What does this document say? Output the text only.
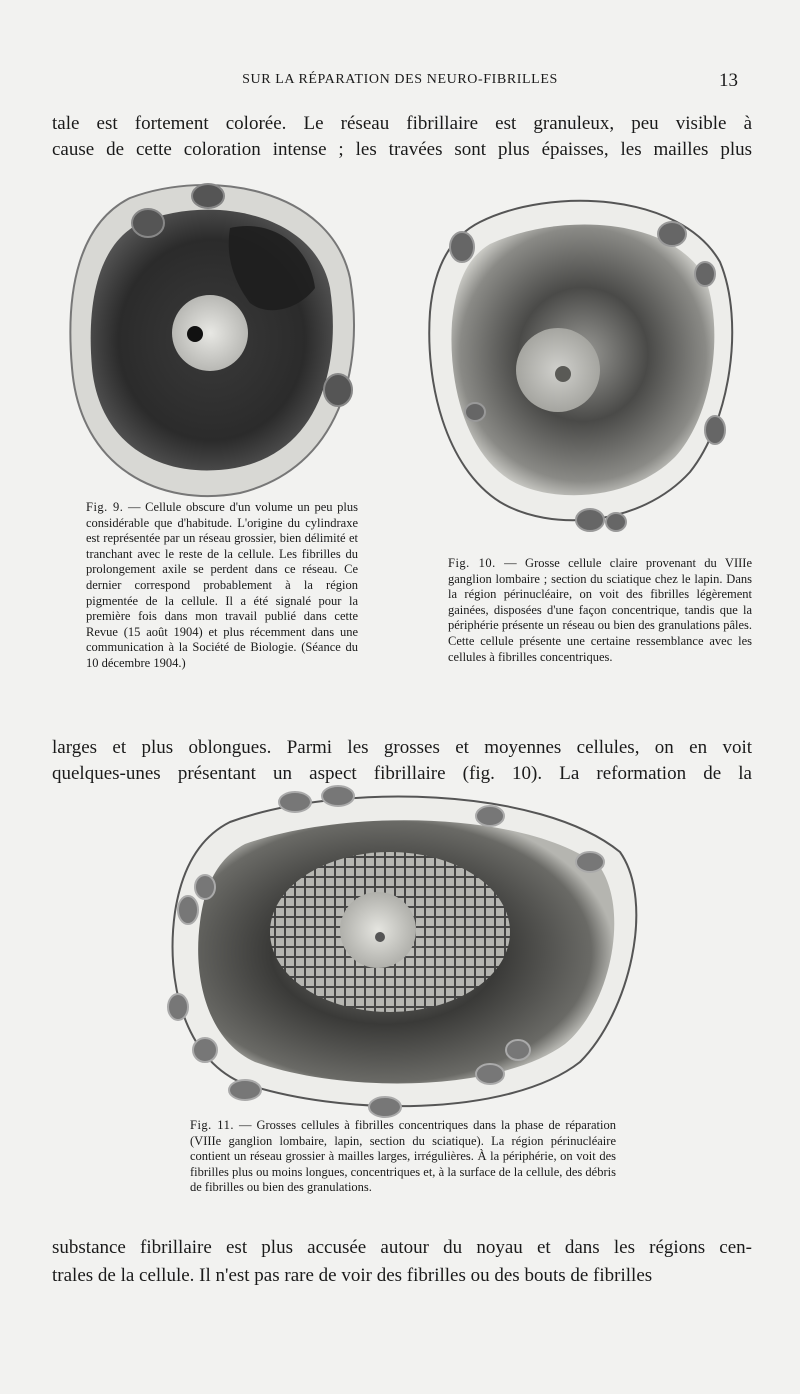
SUR LA RÉPARATION DES NEURO-FIBRILLES	13
tale est fortement colorée. Le réseau fibrillaire est granuleux, peu visible à
cause de cette coloration intense ; les travées sont plus épaisses, les mailles plus
Fig. 9. — Cellule obscure d'un volume un peu plus considérable que d'habitude. L'origine du cylindraxe est représentée par un réseau grossier, bien délimité et tranchant avec le reste de la cellule. Les fibrilles du prolongement axile se perdent dans ce réseau. Ce dernier correspond probablement à la région pigmentée de la cellule. Il a été signalé pour la première fois dans mon travail publié dans cette Revue (15 août 1904) et plus récemment dans une communication à la Société de Biologie. (Séance du 10 décembre 1904.)
Fig. 10. — Grosse cellule claire provenant du VIIIe ganglion lombaire ; section du sciatique chez le lapin. Dans la région périnucléaire, on voit des fibrilles légèrement gainées, disposées d'une façon concentrique, tandis que la périphérie présente un réseau ou bien des granulations pâles. Cette cellule présente une certaine ressemblance avec les cellules à fibrilles concentriques.
larges et plus oblongues. Parmi les grosses et moyennes cellules, on en voit
quelques-unes présentant un aspect fibrillaire (fig. 10). La reformation de la
Fig. 11. — Grosses cellules à fibrilles concentriques dans la phase de réparation (VIIIe ganglion lombaire, lapin, section du sciatique). La région périnucléaire contient un réseau grossier à mailles larges, irrégulières. À la périphérie, on voit des fibrilles plus ou moins longues, concentriques et, à la surface de la cellule, des débris de fibrilles ou bien des granulations.
substance fibrillaire est plus accusée autour du noyau et dans les régions cen-
trales de la cellule. Il n'est pas rare de voir des fibrilles ou des bouts de fibrilles
